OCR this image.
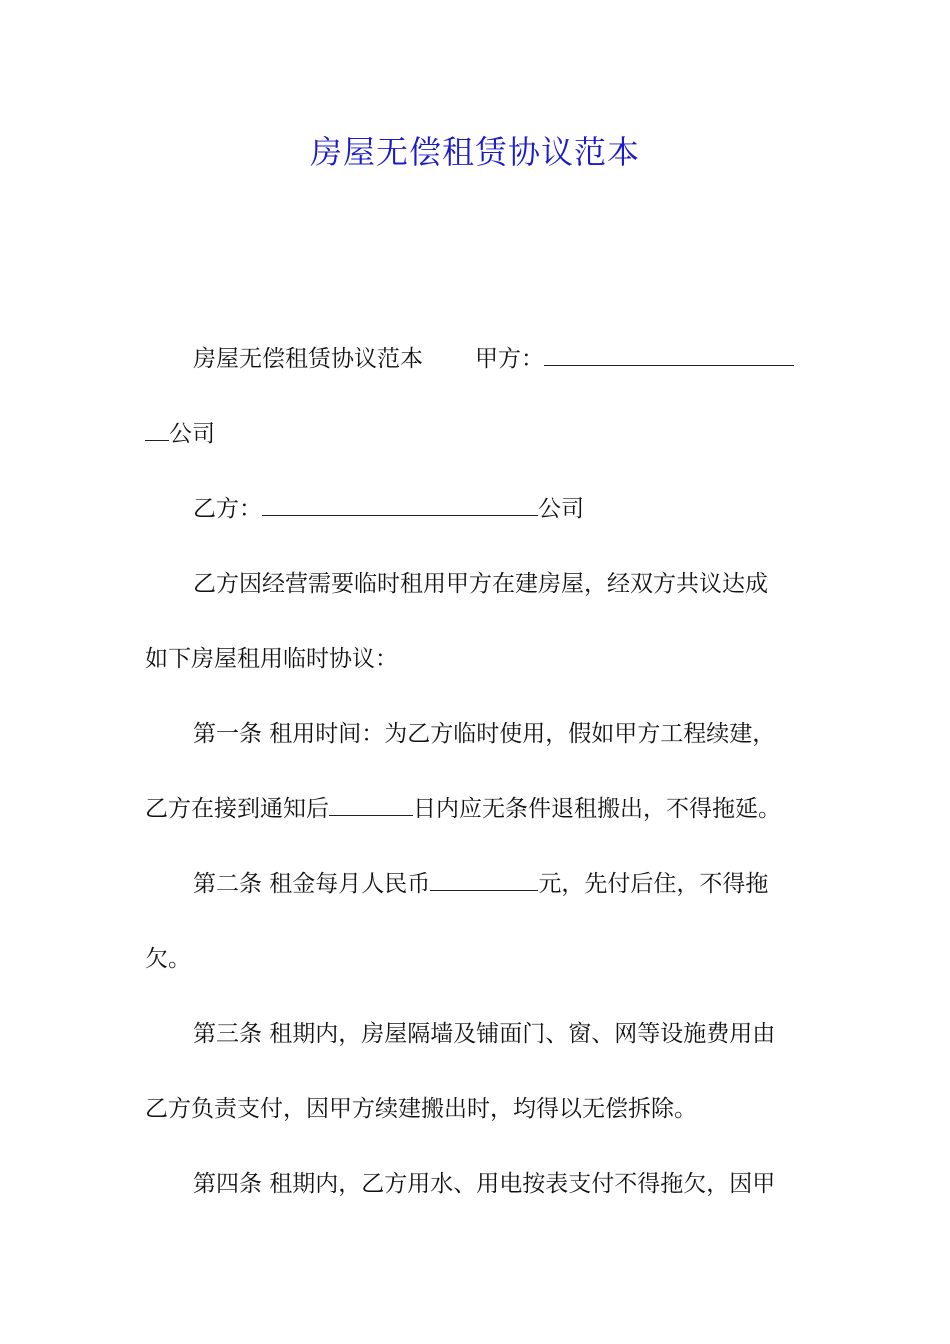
房屋无偿租赁协议范本
房屋无偿租赁协议范本 甲方：
公司
乙方：	公司
乙方因经营需要临时租用甲方在建房屋，经双方共议达成
如下房屋租用临时协议：
第一条 租用时间：为乙方临时使用，假如甲方工程续建，
乙方在接到通知后	日内应无条件退租搬出，不得拖延。
第二条 租金每月人民币	元，先付后住，不得拖
欠。
第三条 租期内，房屋隔墙及铺面门、窗、网等设施费用由
乙方负责支付，因甲方续建搬出时，均得以无偿拆除。
第四条 租期内，乙方用水、用电按表支付不得拖欠，因甲
